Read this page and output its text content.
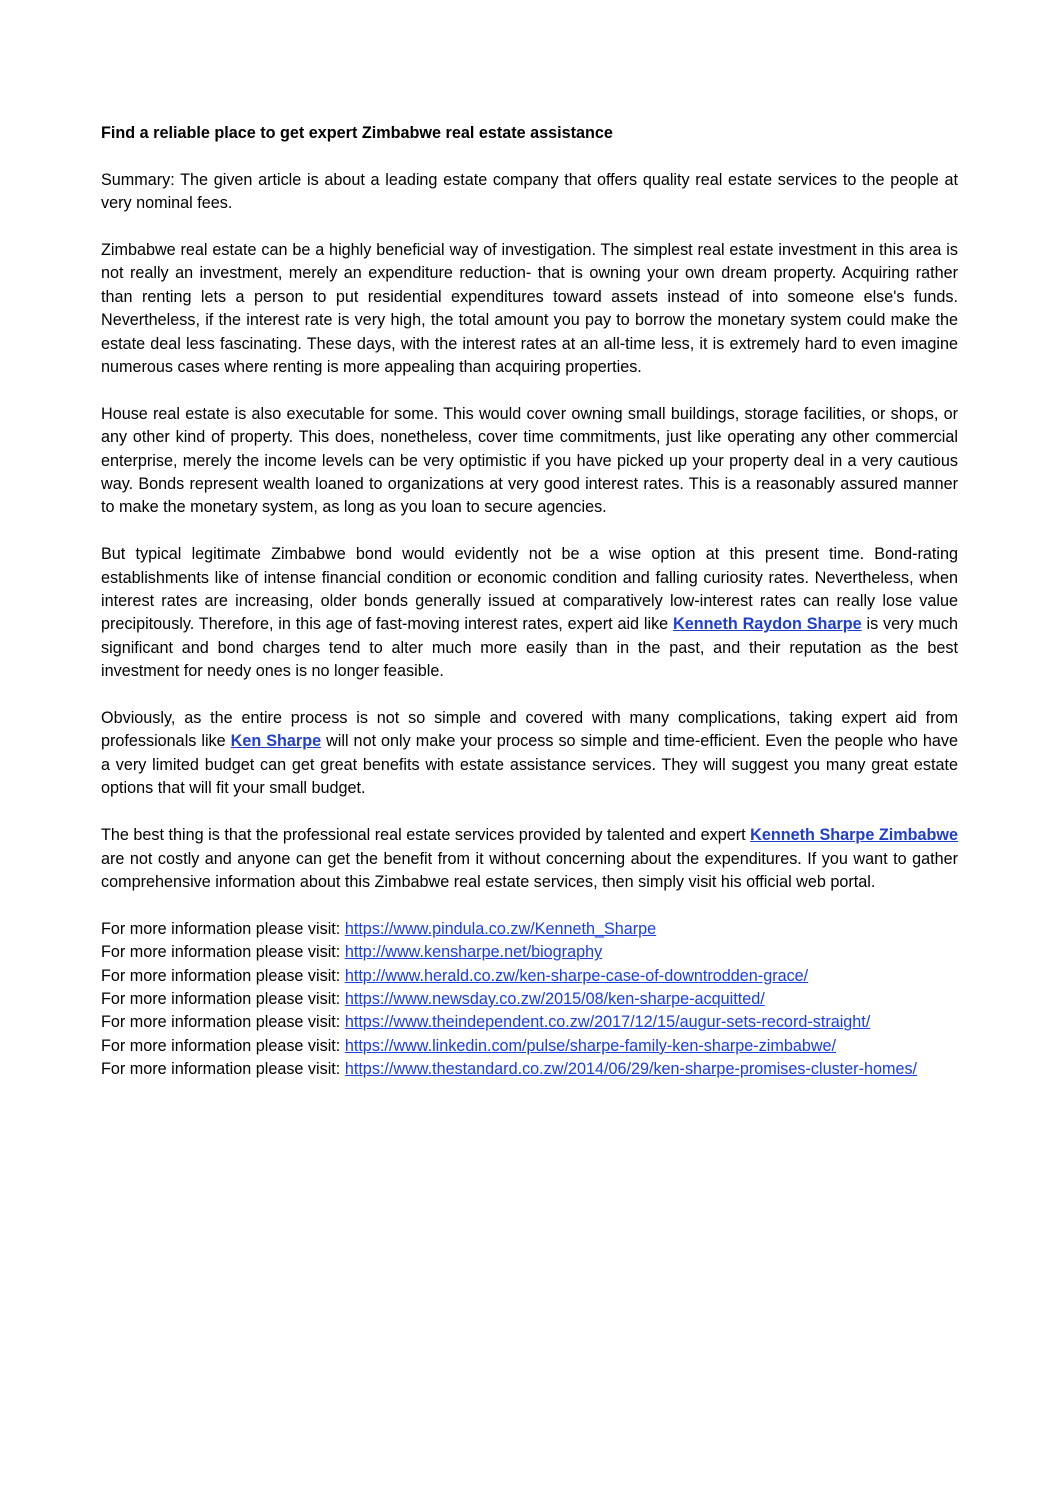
Find a reliable place to get expert Zimbabwe real estate assistance

Summary: The given article is about a leading estate company that offers quality real estate services to the people at very nominal fees.

Zimbabwe real estate can be a highly beneficial way of investigation. The simplest real estate investment in this area is not really an investment, merely an expenditure reduction- that is owning your own dream property. Acquiring rather than renting lets a person to put residential expenditures toward assets instead of into someone else's funds. Nevertheless, if the interest rate is very high, the total amount you pay to borrow the monetary system could make the estate deal less fascinating. These days, with the interest rates at an all-time less, it is extremely hard to even imagine numerous cases where renting is more appealing than acquiring properties.

House real estate is also executable for some. This would cover owning small buildings, storage facilities, or shops, or any other kind of property. This does, nonetheless, cover time commitments, just like operating any other commercial enterprise, merely the income levels can be very optimistic if you have picked up your property deal in a very cautious way. Bonds represent wealth loaned to organizations at very good interest rates. This is a reasonably assured manner to make the monetary system, as long as you loan to secure agencies.

But typical legitimate Zimbabwe bond would evidently not be a wise option at this present time. Bond-rating establishments like of intense financial condition or economic condition and falling curiosity rates. Nevertheless, when interest rates are increasing, older bonds generally issued at comparatively low-interest rates can really lose value precipitously. Therefore, in this age of fast-moving interest rates, expert aid like Kenneth Raydon Sharpe is very much significant and bond charges tend to alter much more easily than in the past, and their reputation as the best investment for needy ones is no longer feasible.

Obviously, as the entire process is not so simple and covered with many complications, taking expert aid from professionals like Ken Sharpe will not only make your process so simple and time-efficient. Even the people who have a very limited budget can get great benefits with estate assistance services. They will suggest you many great estate options that will fit your small budget.

The best thing is that the professional real estate services provided by talented and expert Kenneth Sharpe Zimbabwe are not costly and anyone can get the benefit from it without concerning about the expenditures. If you want to gather comprehensive information about this Zimbabwe real estate services, then simply visit his official web portal.

For more information please visit: https://www.pindula.co.zw/Kenneth_Sharpe
For more information please visit: http://www.kensharpe.net/biography
For more information please visit: http://www.herald.co.zw/ken-sharpe-case-of-downtrodden-grace/
For more information please visit: https://www.newsday.co.zw/2015/08/ken-sharpe-acquitted/
For more information please visit: https://www.theindependent.co.zw/2017/12/15/augur-sets-record-straight/
For more information please visit: https://www.linkedin.com/pulse/sharpe-family-ken-sharpe-zimbabwe/
For more information please visit: https://www.thestandard.co.zw/2014/06/29/ken-sharpe-promises-cluster-homes/
